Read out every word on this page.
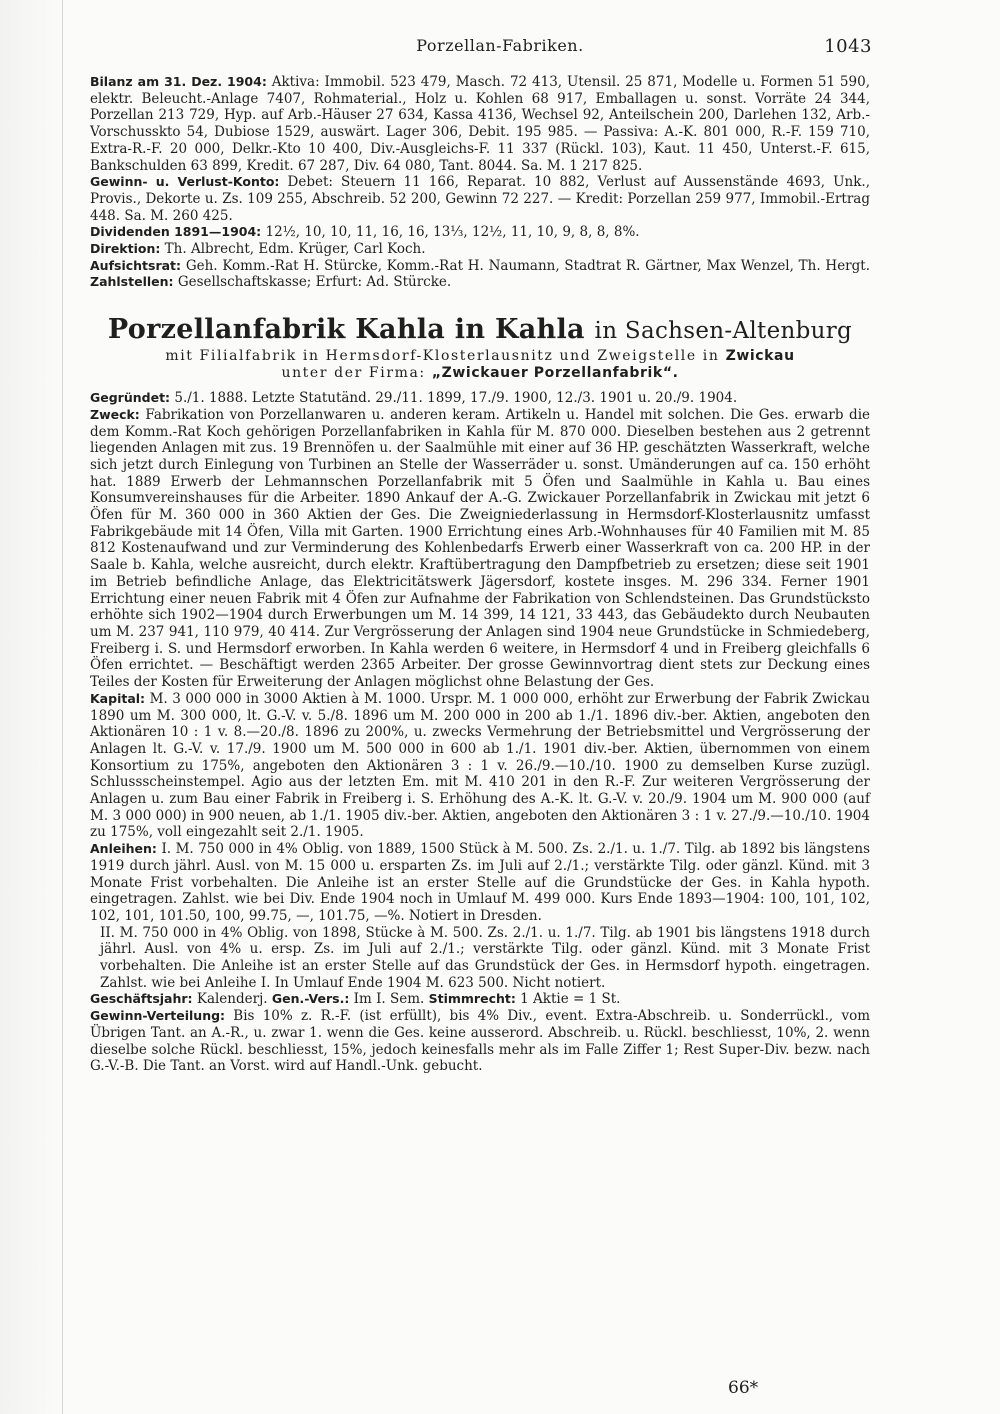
Porzellan-Fabriken.	1043

Bilanz am 31. Dez. 1904: Aktiva: Immobil. 523 479, Masch. 72 413, Utensil. 25 871, Modelle u. Formen 51 590, elektr. Beleucht.-Anlage 7407, Rohmaterial., Holz u. Kohlen 68 917, Emballagen u. sonst. Vorräte 24 344, Porzellan 213 729, Hyp. auf Arb.-Häuser 27 634, Kassa 4136, Wechsel 92, Anteilschein 200, Darlehen 132, Arb.-Vorschusskto 54, Dubiose 1529, auswärt. Lager 306, Debit. 195 985. — Passiva: A.-K. 801 000, R.-F. 159 710, Extra-R.-F. 20 000, Delkr.-Kto 10 400, Div.-Ausgleichs-F. 11 337 (Rückl. 103), Kaut. 11 450, Unterst.-F. 615, Bankschulden 63 899, Kredit. 67 287, Div. 64 080, Tant. 8044. Sa. M. 1 217 825.

Gewinn- u. Verlust-Konto: Debet: Steuern 11 166, Reparat. 10 882, Verlust auf Aussenstände 4693, Unk., Provis., Dekorte u. Zs. 109 255, Abschreib. 52 200, Gewinn 72 227. — Kredit: Porzellan 259 977, Immobil.-Ertrag 448. Sa. M. 260 425.

Dividenden 1891—1904: 12½, 10, 10, 11, 16, 16, 13⅓, 12½, 11, 10, 9, 8, 8, 8%.

Direktion: Th. Albrecht, Edm. Krüger, Carl Koch.

Aufsichtsrat: Geh. Komm.-Rat H. Stürcke, Komm.-Rat H. Naumann, Stadtrat R. Gärtner, Max Wenzel, Th. Hergt. Zahlstellen: Gesellschaftskasse; Erfurt: Ad. Stürcke.

Porzellanfabrik Kahla in Kahla in Sachsen-Altenburg

mit Filialfabrik in Hermsdorf-Klosterlausnitz und Zweigstelle in Zwickau

unter der Firma: „Zwickauer Porzellanfabrik“.

Gegründet: 5./1. 1888. Letzte Statutänd. 29./11. 1899, 17./9. 1900, 12./3. 1901 u. 20./9. 1904.

Zweck: Fabrikation von Porzellanwaren u. anderen keram. Artikeln u. Handel mit solchen. Die Ges. erwarb die dem Komm.-Rat Koch gehörigen Porzellanfabriken in Kahla für M. 870 000. Dieselben bestehen aus 2 getrennt liegenden Anlagen mit zus. 19 Brennöfen u. der Saalmühle mit einer auf 36 HP. geschätzten Wasserkraft, welche sich jetzt durch Einlegung von Turbinen an Stelle der Wasserräder u. sonst. Umänderungen auf ca. 150 erhöht hat. 1889 Erwerb der Lehmannschen Porzellanfabrik mit 5 Öfen und Saalmühle in Kahla u. Bau eines Konsumvereinshauses für die Arbeiter. 1890 Ankauf der A.-G. Zwickauer Porzellanfabrik in Zwickau mit jetzt 6 Öfen für M. 360 000 in 360 Aktien der Ges. Die Zweigniederlassung in Hermsdorf-Klosterlausnitz umfasst Fabrikgebäude mit 14 Öfen, Villa mit Garten. 1900 Errichtung eines Arb.-Wohnhauses für 40 Familien mit M. 85 812 Kostenaufwand und zur Verminderung des Kohlenbedarfs Erwerb einer Wasserkraft von ca. 200 HP. in der Saale b. Kahla, welche ausreicht, durch elektr. Kraftübertragung den Dampfbetrieb zu ersetzen; diese seit 1901 im Betrieb befindliche Anlage, das Elektricitätswerk Jägersdorf, kostete insges. M. 296 334. Ferner 1901 Errichtung einer neuen Fabrik mit 4 Öfen zur Aufnahme der Fabrikation von Schlendsteinen. Das Grundstücksto erhöhte sich 1902—1904 durch Erwerbungen um M. 14 399, 14 121, 33 443, das Gebäudekto durch Neubauten um M. 237 941, 110 979, 40 414. Zur Vergrösserung der Anlagen sind 1904 neue Grundstücke in Schmiedeberg, Freiberg i. S. und Hermsdorf erworben. In Kahla werden 6 weitere, in Hermsdorf 4 und in Freiberg gleichfalls 6 Öfen errichtet. — Beschäftigt werden 2365 Arbeiter. Der grosse Gewinnvortrag dient stets zur Deckung eines Teiles der Kosten für Erweiterung der Anlagen möglichst ohne Belastung der Ges.

Kapital: M. 3 000 000 in 3000 Aktien à M. 1000. Urspr. M. 1 000 000, erhöht zur Erwerbung der Fabrik Zwickau 1890 um M. 300 000, lt. G.-V. v. 5./8. 1896 um M. 200 000 in 200 ab 1./1. 1896 div.-ber. Aktien, angeboten den Aktionären 10 : 1 v. 8.—20./8. 1896 zu 200%, u. zwecks Vermehrung der Betriebsmittel und Vergrösserung der Anlagen lt. G.-V. v. 17./9. 1900 um M. 500 000 in 600 ab 1./1. 1901 div.-ber. Aktien, übernommen von einem Konsortium zu 175%, angeboten den Aktionären 3 : 1 v. 26./9.—10./10. 1900 zu demselben Kurse zuzügl. Schlussscheinstempel. Agio aus der letzten Em. mit M. 410 201 in den R.-F. Zur weiteren Vergrösserung der Anlagen u. zum Bau einer Fabrik in Freiberg i. S. Erhöhung des A.-K. lt. G.-V. v. 20./9. 1904 um M. 900 000 (auf M. 3 000 000) in 900 neuen, ab 1./1. 1905 div.-ber. Aktien, angeboten den Aktionären 3 : 1 v. 27./9.—10./10. 1904 zu 175%, voll eingezahlt seit 2./1. 1905.

Anleihen: I. M. 750 000 in 4% Oblig. von 1889, 1500 Stück à M. 500. Zs. 2./1. u. 1./7. Tilg. ab 1892 bis längstens 1919 durch jährl. Ausl. von M. 15 000 u. ersparten Zs. im Juli auf 2./1.; verstärkte Tilg. oder gänzl. Künd. mit 3 Monate Frist vorbehalten. Die Anleihe ist an erster Stelle auf die Grundstücke der Ges. in Kahla hypoth. eingetragen. Zahlst. wie bei Div. Ende 1904 noch in Umlauf M. 499 000. Kurs Ende 1893—1904: 100, 101, 102, 102, 101, 101.50, 100, 99.75, —, 101.75, —%. Notiert in Dresden.

II. M. 750 000 in 4% Oblig. von 1898, Stücke à M. 500. Zs. 2./1. u. 1./7. Tilg. ab 1901 bis längstens 1918 durch jährl. Ausl. von 4% u. ersp. Zs. im Juli auf 2./1.; verstärkte Tilg. oder gänzl. Künd. mit 3 Monate Frist vorbehalten. Die Anleihe ist an erster Stelle auf das Grundstück der Ges. in Hermsdorf hypoth. eingetragen. Zahlst. wie bei Anleihe I. In Umlauf Ende 1904 M. 623 500. Nicht notiert.

Geschäftsjahr: Kalenderj. Gen.-Vers.: Im I. Sem. Stimmrecht: 1 Aktie = 1 St.

Gewinn-Verteilung: Bis 10% z. R.-F. (ist erfüllt), bis 4% Div., event. Extra-Abschreib. u. Sonderrückl., vom Übrigen Tant. an A.-R., u. zwar 1. wenn die Ges. keine ausserord. Abschreib. u. Rückl. beschliesst, 10%, 2. wenn dieselbe solche Rückl. beschliesst, 15%, jedoch keinesfalls mehr als im Falle Ziffer 1; Rest Super-Div. bezw. nach G.-V.-B. Die Tant. an Vorst. wird auf Handl.-Unk. gebucht.

66*
